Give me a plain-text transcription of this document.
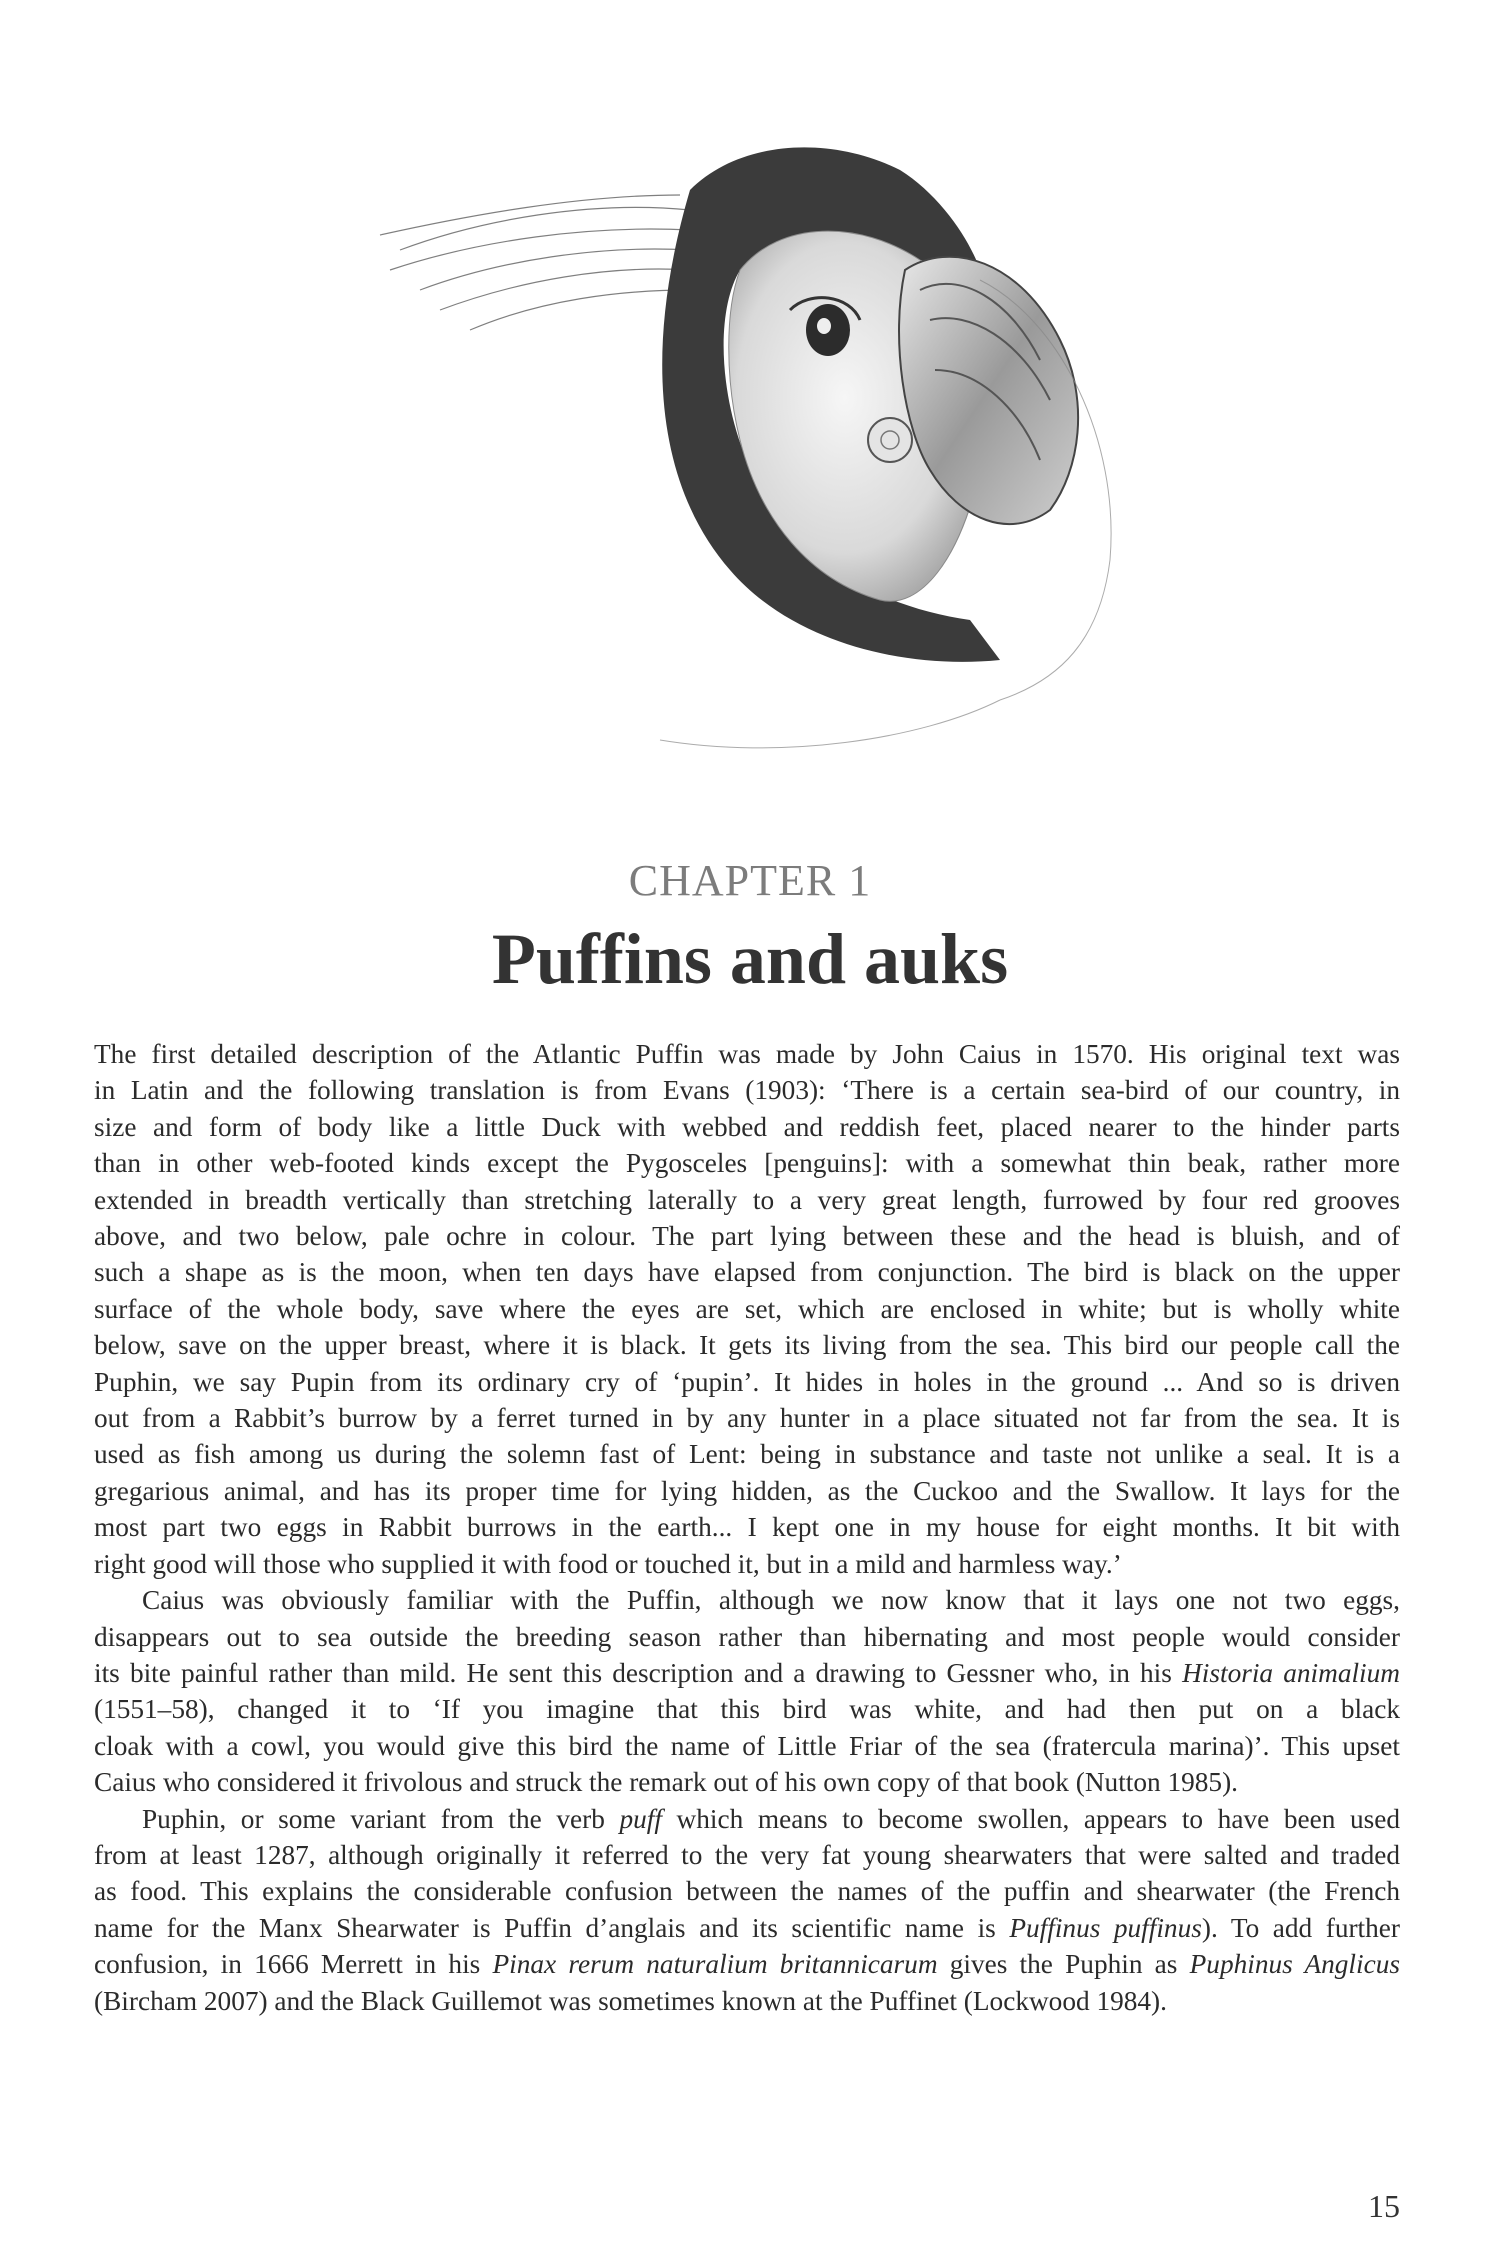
CHAPTER 1
Puffins and auks

The first detailed description of the Atlantic Puffin was made by John Caius in 1570. His original text was
in Latin and the following translation is from Evans (1903): ‘There is a certain sea-bird of our country, in
size and form of body like a little Duck with webbed and reddish feet, placed nearer to the hinder parts
than in other web-footed kinds except the Pygosceles [penguins]: with a somewhat thin beak, rather more
extended in breadth vertically than stretching laterally to a very great length, furrowed by four red grooves
above, and two below, pale ochre in colour. The part lying between these and the head is bluish, and of
such a shape as is the moon, when ten days have elapsed from conjunction. The bird is black on the upper
surface of the whole body, save where the eyes are set, which are enclosed in white; but is wholly white
below, save on the upper breast, where it is black. It gets its living from the sea. This bird our people call the
Puphin, we say Pupin from its ordinary cry of ‘pupin’. It hides in holes in the ground ... And so is driven
out from a Rabbit’s burrow by a ferret turned in by any hunter in a place situated not far from the sea. It is
used as fish among us during the solemn fast of Lent: being in substance and taste not unlike a seal. It is a
gregarious animal, and has its proper time for lying hidden, as the Cuckoo and the Swallow. It lays for the
most part two eggs in Rabbit burrows in the earth... I kept one in my house for eight months. It bit with

right good will those who supplied it with food or touched it, but in a mild and harmless way.’

Caius was obviously familiar with the Puffin, although we now know that it lays one not two eggs,
disappears out to sea outside the breeding season rather than hibernating and most people would consider
its bite painful rather than mild. He sent this description and a drawing to Gessner who, in his Historia animalium (1551–58), changed it to ‘If you imagine that this bird was white, and had then put on a black
cloak with a cowl, you would give this bird the name of Little Friar of the sea (fratercula marina)’. This upset

Caius who considered it frivolous and struck the remark out of his own copy of that book (Nutton 1985).

Puphin, or some variant from the verb puff which means to become swollen, appears to have been used
from at least 1287, although originally it referred to the very fat young shearwaters that were salted and traded
as food. This explains the considerable confusion between the names of the puffin and shearwater (the French
name for the Manx Shearwater is Puffin d’anglais and its scientific name is Puffinus puffinus). To add further
confusion, in 1666 Merrett in his Pinax rerum naturalium britannicarum gives the Puphin as Puphinus Anglicus

(Bircham 2007) and the Black Guillemot was sometimes known at the Puffinet (Lockwood 1984).

15
